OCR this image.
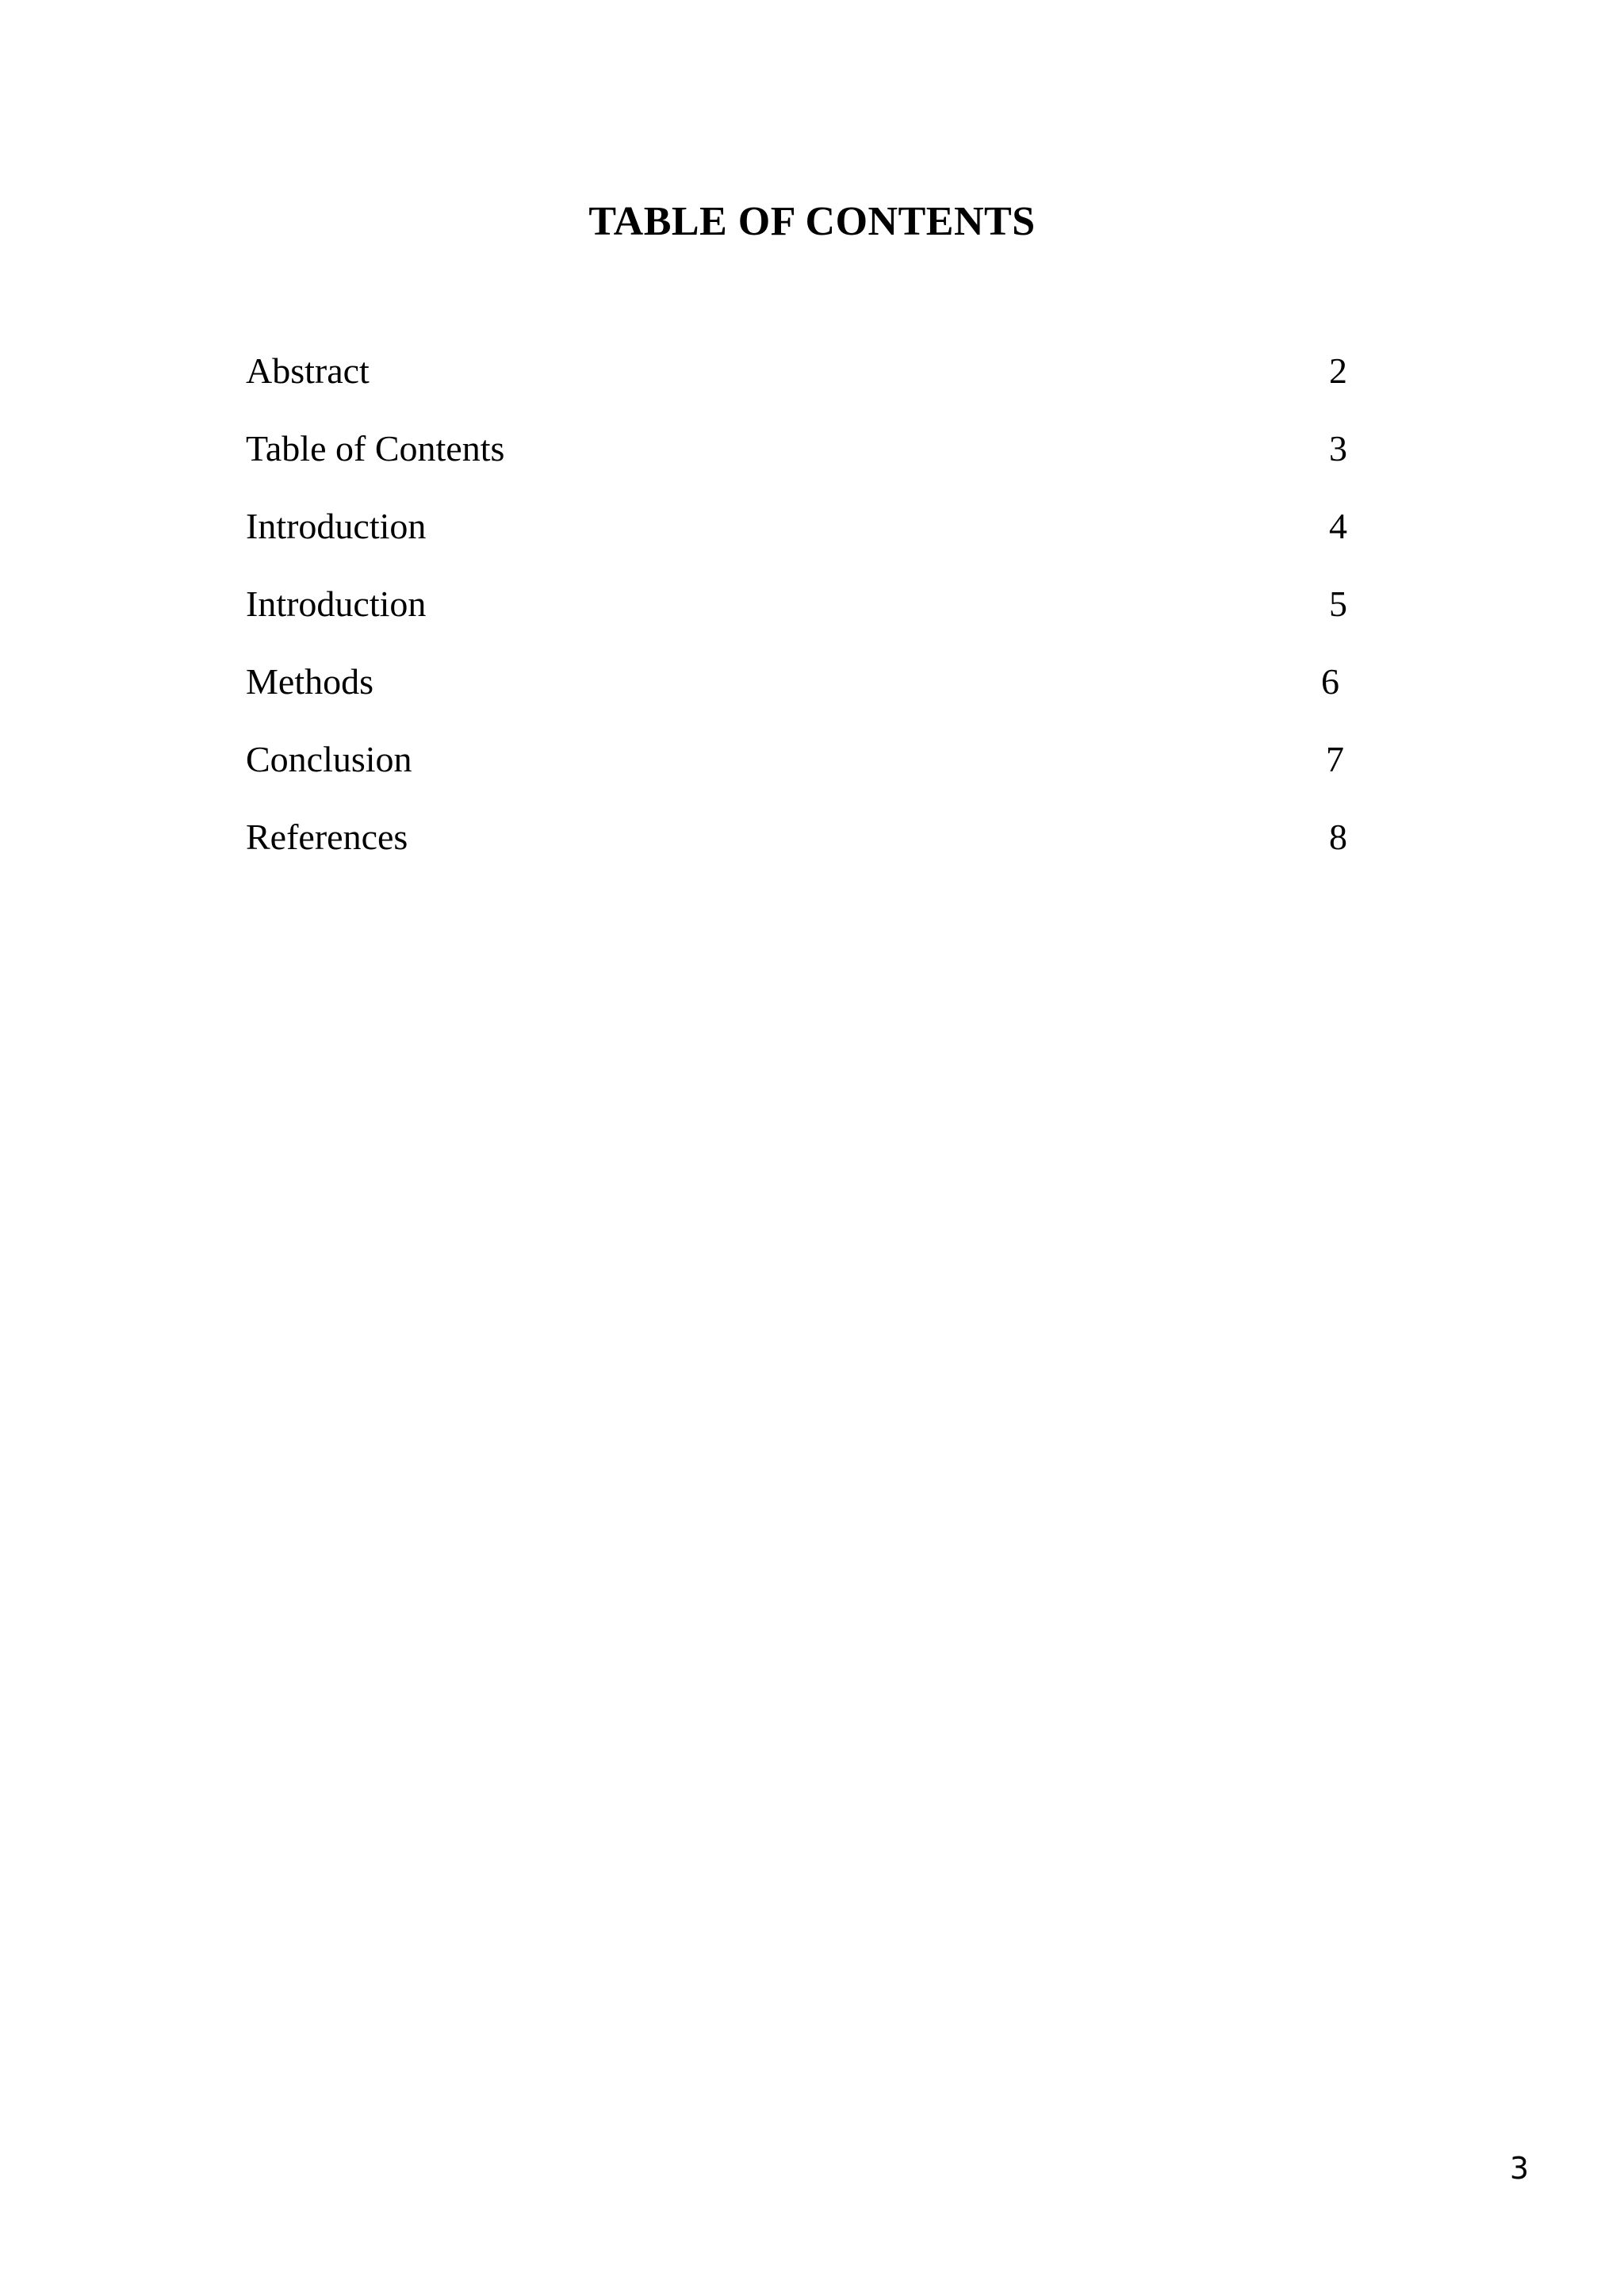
TABLE OF CONTENTS
Abstract	2
Table of Contents	3
Introduction	4
Introduction	5
Methods	6
Conclusion	7
References	8
3
